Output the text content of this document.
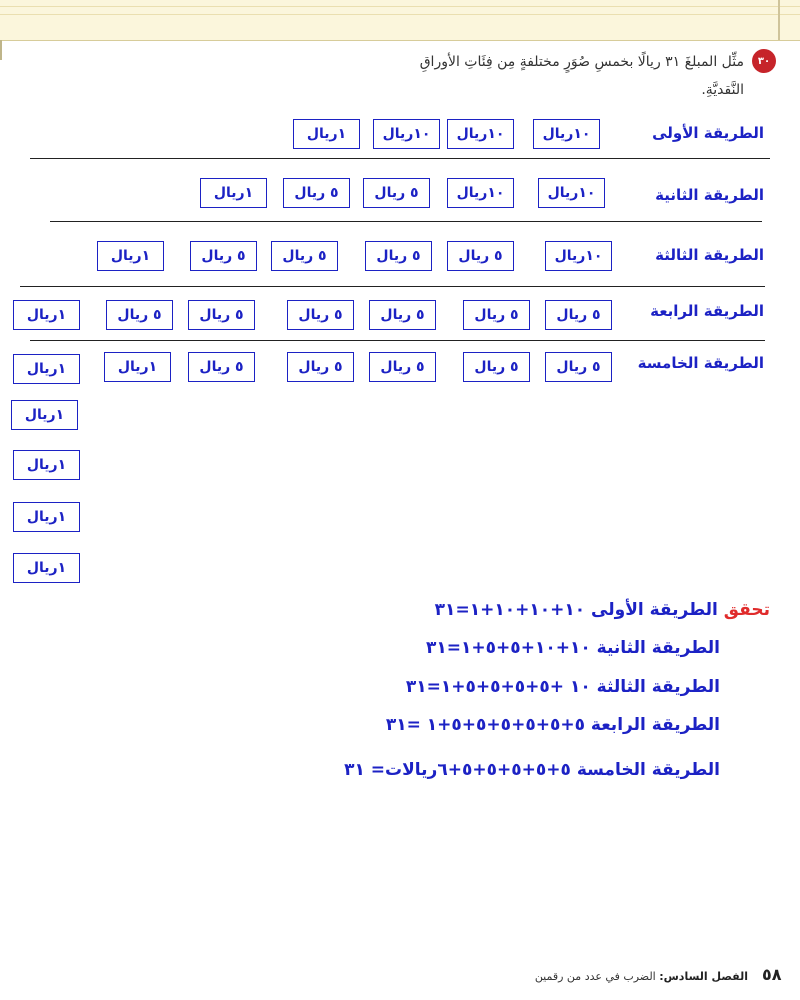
٣٠
مثِّل المبلغَ ٣١ ريالًا بخمسِ صُوَرٍ مختلفةٍ مِن فِئَاتِ الأوراقِ النَّقديَّةِ.
الطريقة الأولى
١٠ريال
١٠ريال
١٠ريال
١ريال
الطريقة الثانية
١٠ريال
١٠ريال
٥ ريال
٥ ريال
١ريال
الطريقة الثالثة
١٠ريال
٥ ريال
٥ ريال
٥ ريال
٥ ريال
١ريال
الطريقة الرابعة
٥ ريال
٥ ريال
٥ ريال
٥ ريال
٥ ريال
٥ ريال
١ريال
الطريقة الخامسة
٥ ريال
٥ ريال
٥ ريال
٥ ريال
٥ ريال
١ريال
١ريال
١ريال
١ريال
١ريال
١ريال
تحقق الطريقة الأولى ١٠+١٠+١٠+١=٣١
الطريقة الثانية ١٠+١٠+٥+٥+١=٣١
الطريقة الثالثة ١٠ +٥+٥+٥+٥+١=٣١
الطريقة الرابعة ٥+٥+٥+٥+٥+٥+١ =٣١
الطريقة الخامسة ٥+٥+٥+٥+٥+٦ريالات= ٣١
٥٨
الفصل السادس: الضرب في عدد من رقمين
